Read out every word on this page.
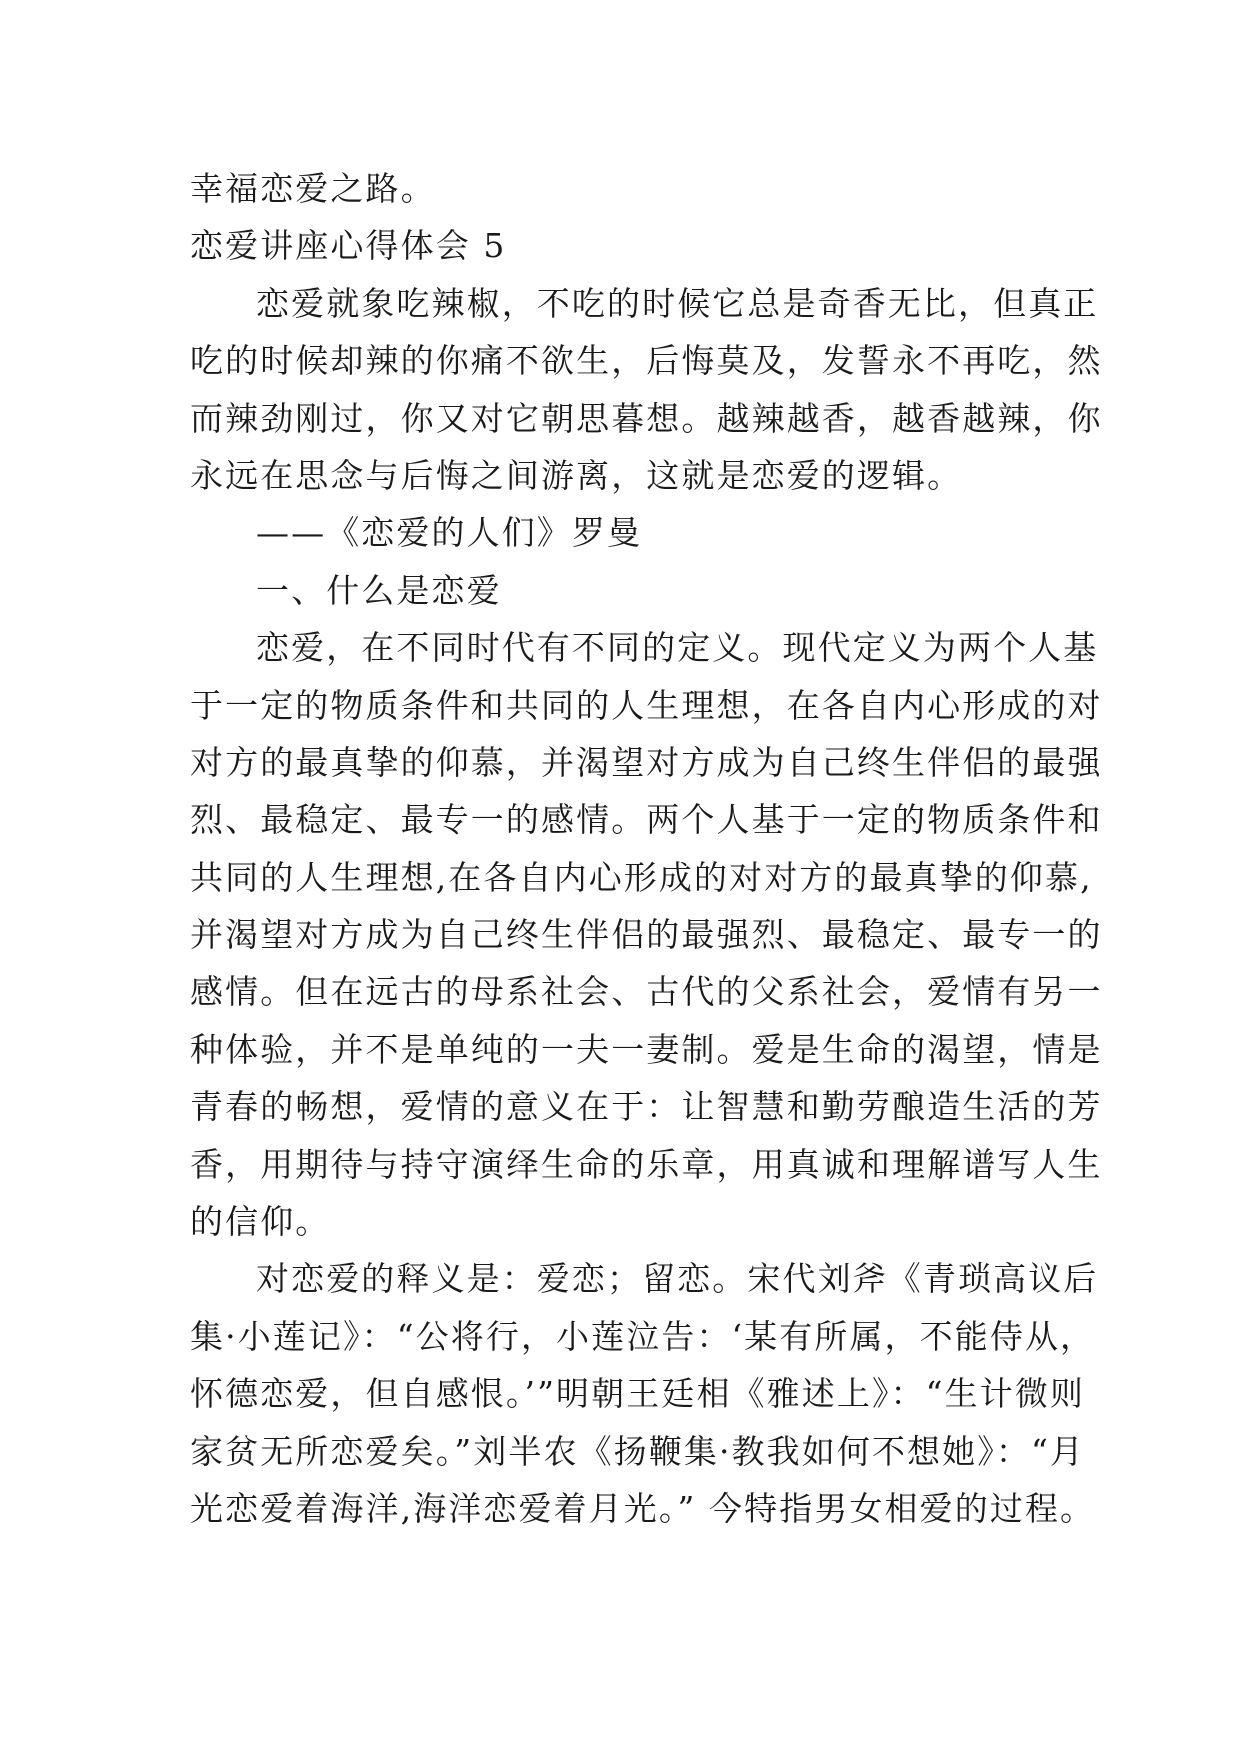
幸福恋爱之路。
恋爱讲座心得体会 5
恋爱就象吃辣椒，不吃的时候它总是奇香无比，但真正
吃的时候却辣的你痛不欲生，后悔莫及，发誓永不再吃，然
而辣劲刚过，你又对它朝思暮想。越辣越香，越香越辣，你
永远在思念与后悔之间游离，这就是恋爱的逻辑。
——《恋爱的人们》罗曼
一、什么是恋爱
恋爱，在不同时代有不同的定义。现代定义为两个人基
于一定的物质条件和共同的人生理想，在各自内心形成的对
对方的最真挚的仰慕，并渴望对方成为自己终生伴侣的最强
烈、最稳定、最专一的感情。两个人基于一定的物质条件和
共同的人生理想,在各自内心形成的对对方的最真挚的仰慕,
并渴望对方成为自己终生伴侣的最强烈、最稳定、最专一的
感情。但在远古的母系社会、古代的父系社会，爱情有另一
种体验，并不是单纯的一夫一妻制。爱是生命的渴望，情是
青春的畅想，爱情的意义在于：让智慧和勤劳酿造生活的芳
香，用期待与持守演绎生命的乐章，用真诚和理解谱写人生
的信仰。
对恋爱的释义是：爱恋；留恋。宋代刘斧《青琐高议后
集·小莲记》：“公将行，小莲泣告：‘某有所属，不能侍从，
怀德恋爱，但自感恨。’”明朝王廷相《雅述上》：“生计微则
家贫无所恋爱矣。”刘半农《扬鞭集·教我如何不想她》：“月
光恋爱着海洋,海洋恋爱着月光。” 今特指男女相爱的过程。
